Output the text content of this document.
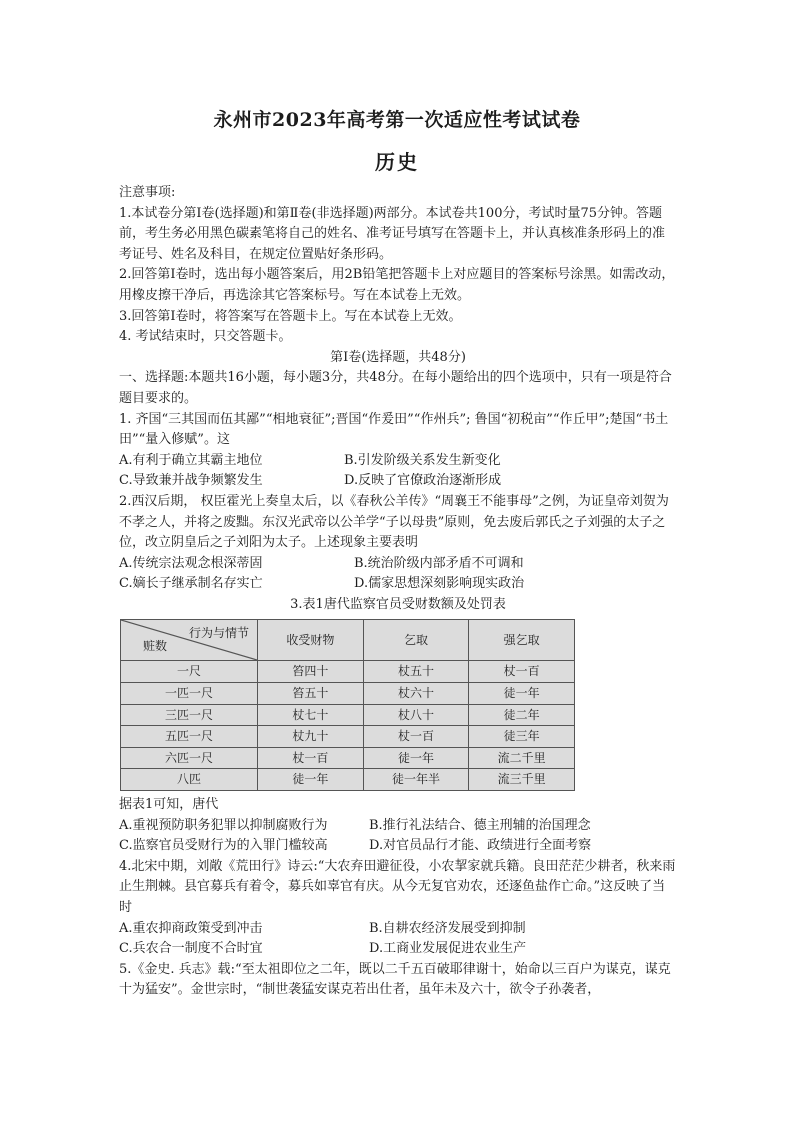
永州市2023年高考第一次适应性考试试卷
历史
注意事项:
1.本试卷分第Ⅰ卷(选择题)和第Ⅱ卷(非选择题)两部分。本试卷共100分，考试时量75分钟。答题前，考生务必用黑色碳素笔将自己的姓名、准考证号填写在答题卡上，并认真核准条形码上的准考证号、姓名及科目，在规定位置贴好条形码。
2.回答第Ⅰ卷时，选出每小题答案后，用2B铅笔把答题卡上对应题目的答案标号涂黑。如需改动，用橡皮擦干净后，再选涂其它答案标号。写在本试卷上无效。
3.回答第Ⅰ卷时，将答案写在答题卡上。写在本试卷上无效。
4. 考试结束时，只交答题卡。
第Ⅰ卷(选择题，共48分)
一、选择题:本题共16小题，每小题3分，共48分。在每小题给出的四个选项中，只有一项是符合题目要求的。
1. 齐国“三其国而伍其鄙”“相地衰征”;晋国“作爰田”“作州兵”; 鲁国“初税亩”“作丘甲”;楚国“书土田”“量入修赋”。这
A.有利于确立其霸主地位	B.引发阶级关系发生新变化
C.导致兼并战争频繁发生	D.反映了官僚政治逐渐形成
2.西汉后期， 权臣霍光上奏皇太后，以《春秋公羊传》“周襄王不能事母”之例，为证皇帝刘贺为不孝之人，并将之废黜。东汉光武帝以公羊学“子以母贵”原则，免去废后郭氏之子刘强的太子之位，改立阴皇后之子刘阳为太子。上述现象主要表明
A.传统宗法观念根深蒂固	B.统治阶级内部矛盾不可调和
C.嫡长子继承制名存实亡	D.儒家思想深刻影响现实政治
3.表1唐代监察官员受财数额及处罚表
行为与情节
赃数	收受财物	乞取	强乞取
一尺	笞四十	杖五十	杖一百
一匹一尺	笞五十	杖六十	徒一年
三匹一尺	杖七十	杖八十	徒二年
五匹一尺	杖九十	杖一百	徒三年
六匹一尺	杖一百	徒一年	流二千里
八匹	徒一年	徒一年半	流三千里
据表1可知，唐代
A.重视预防职务犯罪以抑制腐败行为	B.推行礼法结合、德主刑辅的治国理念
C.监察官员受财行为的入罪门槛较高	D.对官员品行才能、政绩进行全面考察
4.北宋中期，刘敞《荒田行》诗云:“大农弃田避征役，小农挈家就兵籍。良田茫茫少耕者，秋来雨止生荆棘。县官募兵有着令，募兵如辜官有庆。从今无复官劝农，还逐鱼盐作亡命。”这反映了当时
A.重农抑商政策受到冲击	B.自耕农经济发展受到抑制
C.兵农合一制度不合时宜	D.工商业发展促进农业生产
5.《金史. 兵志》载:“至太祖即位之二年，既以二千五百破耶律谢十，始命以三百户为谋克，谋克十为猛安”。金世宗时，“制世袭猛安谋克若出仕者，虽年未及六十，欲令子孙袭者，
